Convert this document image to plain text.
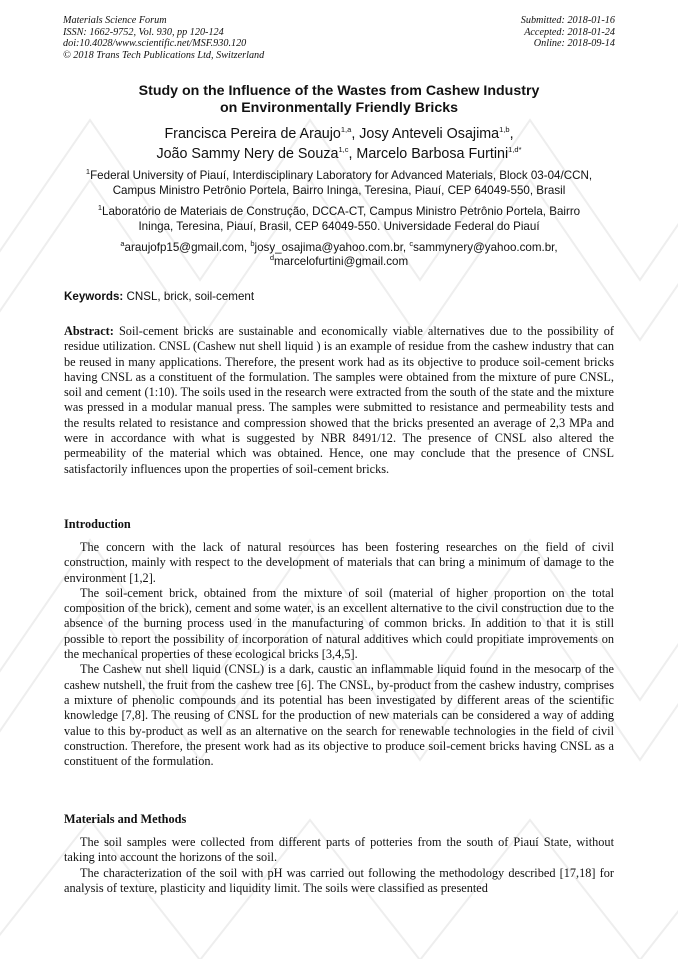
Materials Science Forum
ISSN: 1662-9752, Vol. 930, pp 120-124
doi:10.4028/www.scientific.net/MSF.930.120
© 2018 Trans Tech Publications Ltd, Switzerland
Submitted: 2018-01-16
Accepted: 2018-01-24
Online: 2018-09-14
Study on the Influence of the Wastes from Cashew Industry
on Environmentally Friendly Bricks
Francisca Pereira de Araujo$^{1,a}$, Josy Anteveli Osajima$^{1,b}$,
João Sammy Nery de Souza$^{1,c}$, Marcelo Barbosa Furtini$^{1,d*}$
$^1$Federal University of Piauí, Interdisciplinary Laboratory for Advanced Materials, Block 03-04/CCN,
Campus Ministro Petrônio Portela, Bairro Ininga, Teresina, Piauí, CEP 64049-550, Brasil
$^1$Laboratório de Materiais de Construção, DCCA-CT, Campus Ministro Petrônio Portela, Bairro
Ininga, Teresina, Piauí, Brasil, CEP 64049-550. Universidade Federal do Piauí
$^a$araujofp15@gmail.com, $^b$josy_osajima@yahoo.com.br, $^c$sammynery@yahoo.com.br,
$^d$marcelofurtini@gmail.com
Keywords: CNSL, brick, soil-cement
Abstract: Soil-cement bricks are sustainable and economically viable alternatives due to the possibility of residue utilization. CNSL (Cashew nut shell liquid ) is an example of residue from the cashew industry that can be reused in many applications. Therefore, the present work had as its objective to produce soil-cement bricks having CNSL as a constituent of the formulation. The samples were obtained from the mixture of pure CNSL, soil and cement (1:10). The soils used in the research were extracted from the south of the state and the mixture was pressed in a modular manual press. The samples were submitted to resistance and permeability tests and the results related to resistance and compression showed that the bricks presented an average of 2,3 MPa and were in accordance with what is suggested by NBR 8491/12. The presence of CNSL also altered the permeability of the material which was obtained. Hence, one may conclude that the presence of CNSL satisfactorily influences upon the properties of soil-cement bricks.
Introduction

The concern with the lack of natural resources has been fostering researches on the field of civil construction, mainly with respect to the development of materials that can bring a minimum of damage to the environment [1,2].

The soil-cement brick, obtained from the mixture of soil (material of higher proportion on the total composition of the brick), cement and some water, is an excellent alternative to the civil construction due to the absence of the burning process used in the manufacturing of common bricks. In addition to that it is still possible to report the possibility of incorporation of natural additives which could propitiate improvements on the mechanical properties of these ecological bricks [3,4,5].

The Cashew nut shell liquid (CNSL) is a dark, caustic an inflammable liquid found in the mesocarp of the cashew nutshell, the fruit from the cashew tree [6]. The CNSL, by-product from the cashew industry, comprises a mixture of phenolic compounds and its potential has been investigated by different areas of the scientific knowledge [7,8]. The reusing of CNSL for the production of new materials can be considered a way of adding value to this by-product as well as an alternative on the search for renewable technologies in the field of civil construction. Therefore, the present work had as its objective to produce soil-cement bricks having CNSL as a constituent of the formulation.

Materials and Methods

The soil samples were collected from different parts of potteries from the south of Piauí State, without taking into account the horizons of the soil.

The characterization of the soil with pH was carried out following the methodology described [17,18] for analysis of texture, plasticity and liquidity limit. The soils were classified as presented
